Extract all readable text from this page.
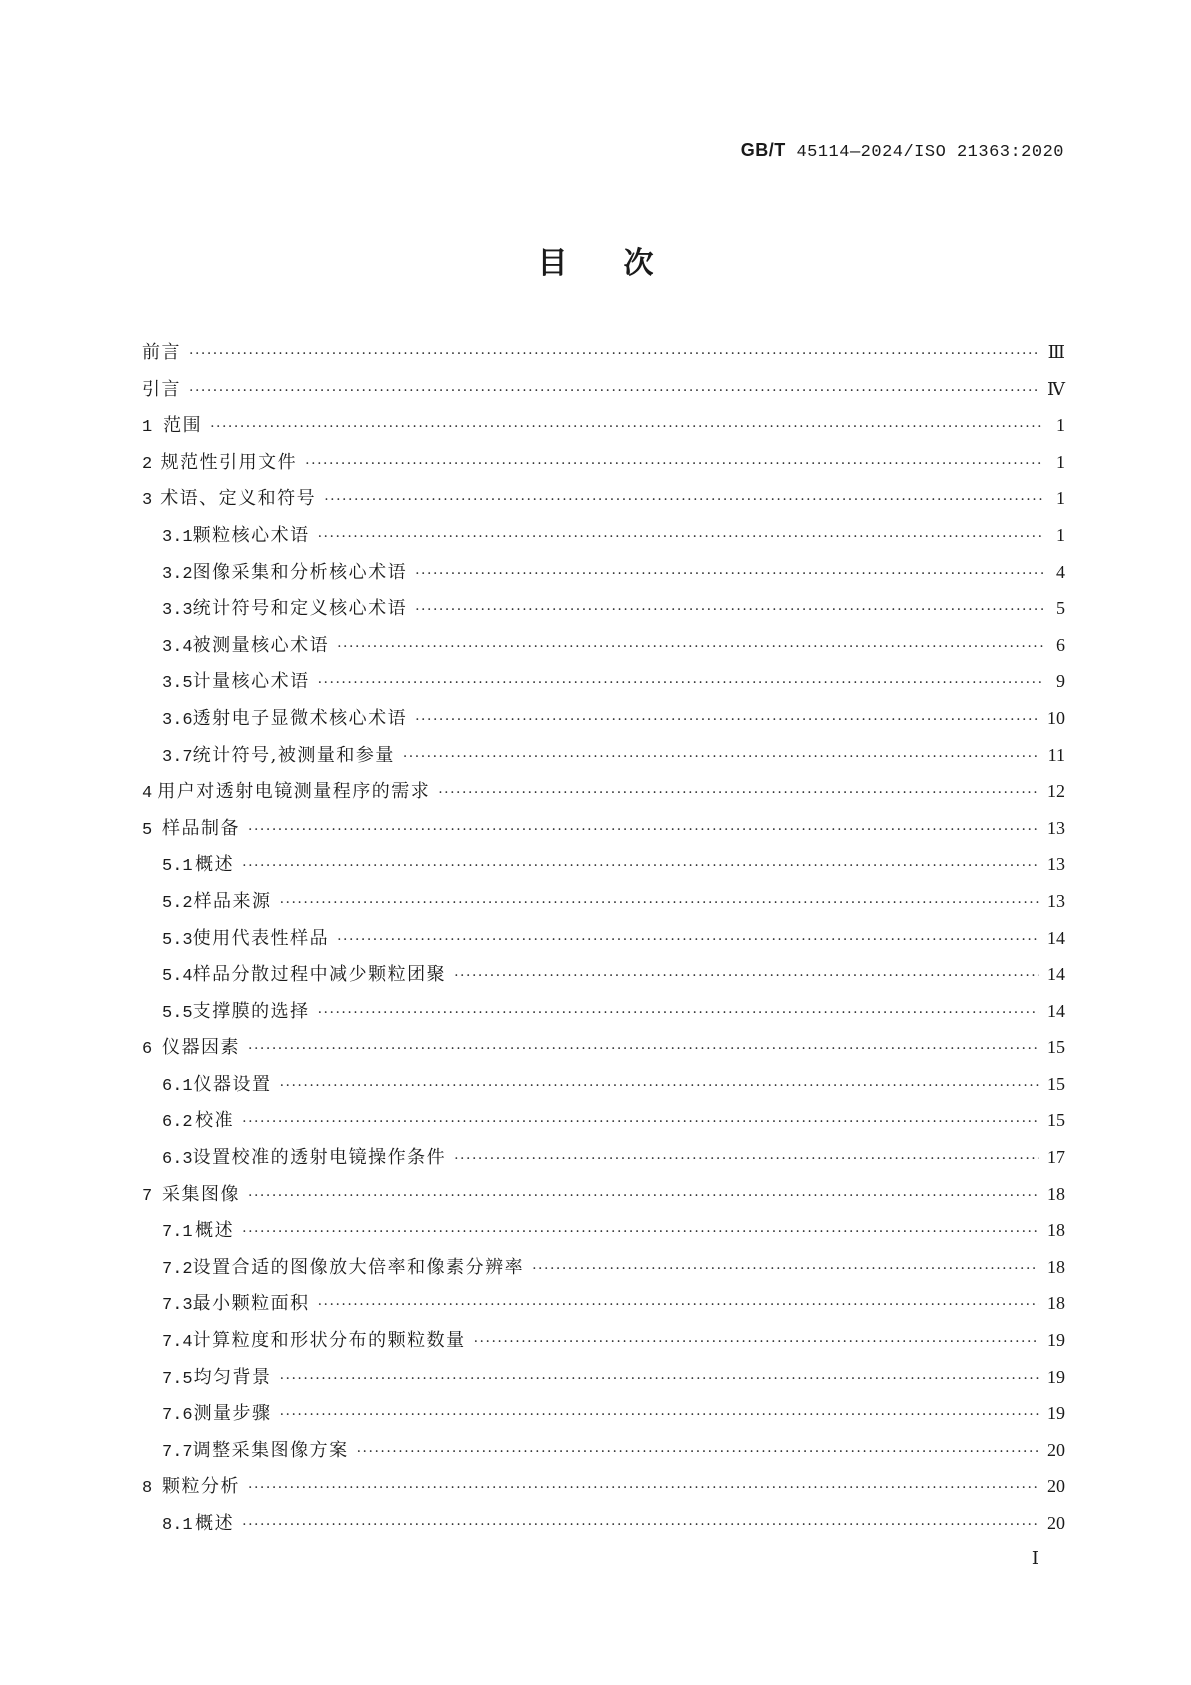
GB/T 45114—2024/ISO 21363:2020
目次
前言 ·····	Ⅲ
引言 ·····	Ⅳ
1 范围 ·····	1
2 规范性引用文件 ·····	1
3 术语、定义和符号 ·····	1
3.1 颗粒核心术语 ·····	1
3.2 图像采集和分析核心术语 ·····	4
3.3 统计符号和定义核心术语 ·····	5
3.4 被测量核心术语 ·····	6
3.5 计量核心术语 ·····	9
3.6 透射电子显微术核心术语 ·····	10
3.7 统计符号,被测量和参量 ·····	11
4 用户对透射电镜测量程序的需求 ·····	12
5 样品制备 ·····	13
5.1 概述 ·····	13
5.2 样品来源 ·····	13
5.3 使用代表性样品 ·····	14
5.4 样品分散过程中减少颗粒团聚 ·····	14
5.5 支撑膜的选择 ·····	14
6 仪器因素 ·····	15
6.1 仪器设置 ·····	15
6.2 校准 ·····	15
6.3 设置校准的透射电镜操作条件 ·····	17
7 采集图像 ·····	18
7.1 概述 ·····	18
7.2 设置合适的图像放大倍率和像素分辨率 ·····	18
7.3 最小颗粒面积 ·····	18
7.4 计算粒度和形状分布的颗粒数量 ·····	19
7.5 均匀背景 ·····	19
7.6 测量步骤 ·····	19
7.7 调整采集图像方案 ·····	20
8 颗粒分析 ·····	20
8.1 概述 ·····	20
Ⅰ
